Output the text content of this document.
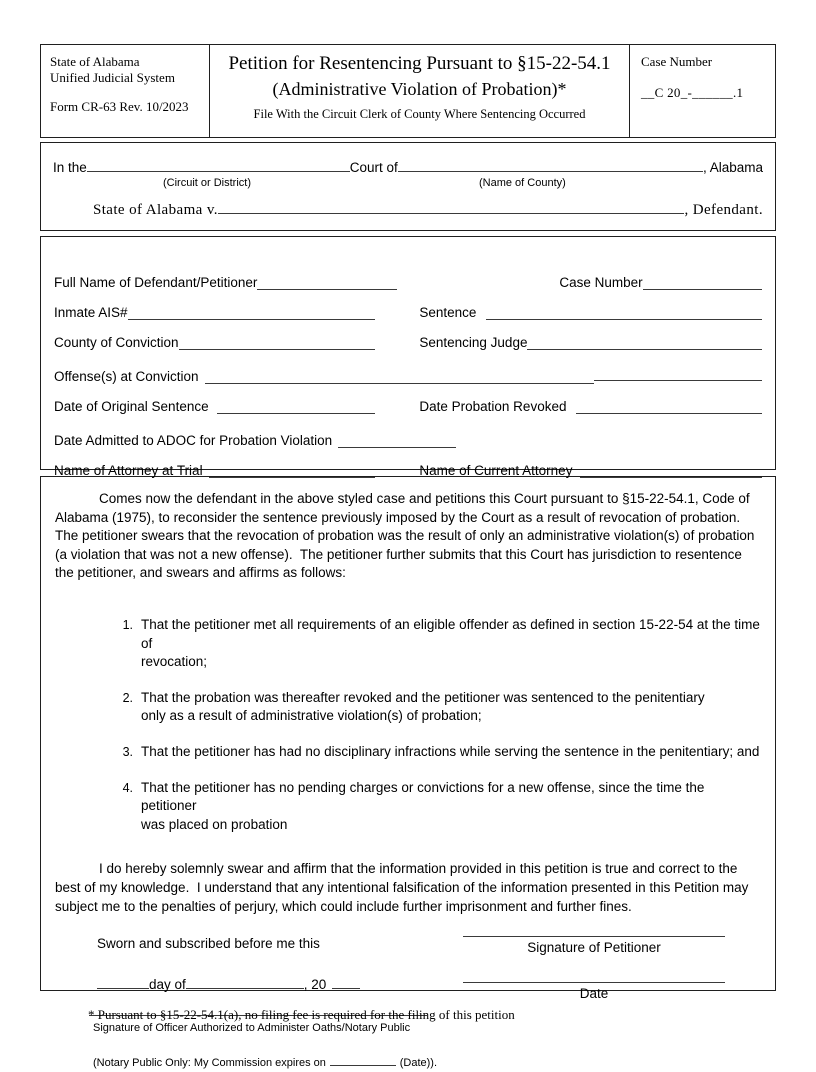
State of Alabama
Unified Judicial System
Form CR-63 Rev. 10/2023
Petition for Resentencing Pursuant to §15-22-54.1
(Administrative Violation of Probation)*
File With the Circuit Clerk of County Where Sentencing Occurred
Case Number
__C 20_-______.1
In the	Court of	, Alabama
(Circuit or District)	(Name of County)
State of Alabama v.	, Defendant.
Full Name of Defendant/Petitioner	Case Number
Inmate AIS#	Sentence
County of Conviction	Sentencing Judge
Offense(s) at Conviction
Date of Original Sentence	Date Probation Revoked
Date Admitted to ADOC for Probation Violation
Name of Attorney at Trial	Name of Current Attorney
Comes now the defendant in the above styled case and petitions this Court pursuant to §15-22-54.1, Code of Alabama (1975), to reconsider the sentence previously imposed by the Court as a result of revocation of probation. The petitioner swears that the revocation of probation was the result of only an administrative violation(s) of probation (a violation that was not a new offense).  The petitioner further submits that this Court has jurisdiction to resentence the petitioner, and swears and affirms as follows:
1. That the petitioner met all requirements of an eligible offender as defined in section 15-22-54 at the time of
revocation;
2. That the probation was thereafter revoked and the petitioner was sentenced to the penitentiary
only as a result of administrative violation(s) of probation;
3. That the petitioner has had no disciplinary infractions while serving the sentence in the penitentiary; and
4. That the petitioner has no pending charges or convictions for a new offense, since the time the petitioner
was placed on probation
I do hereby solemnly swear and affirm that the information provided in this petition is true and correct to the best of my knowledge.  I understand that any intentional falsification of the information presented in this Petition may subject me to the penalties of perjury, which could include further imprisonment and further fines.
Sworn and subscribed before me this
day of	, 20
Signature of Officer Authorized to Administer Oaths/Notary Public
(Notary Public Only: My Commission expires on	(Date)).
Signature of Petitioner
Date
* Pursuant to §15-22-54.1(a), no filing fee is required for the filing of this petition
